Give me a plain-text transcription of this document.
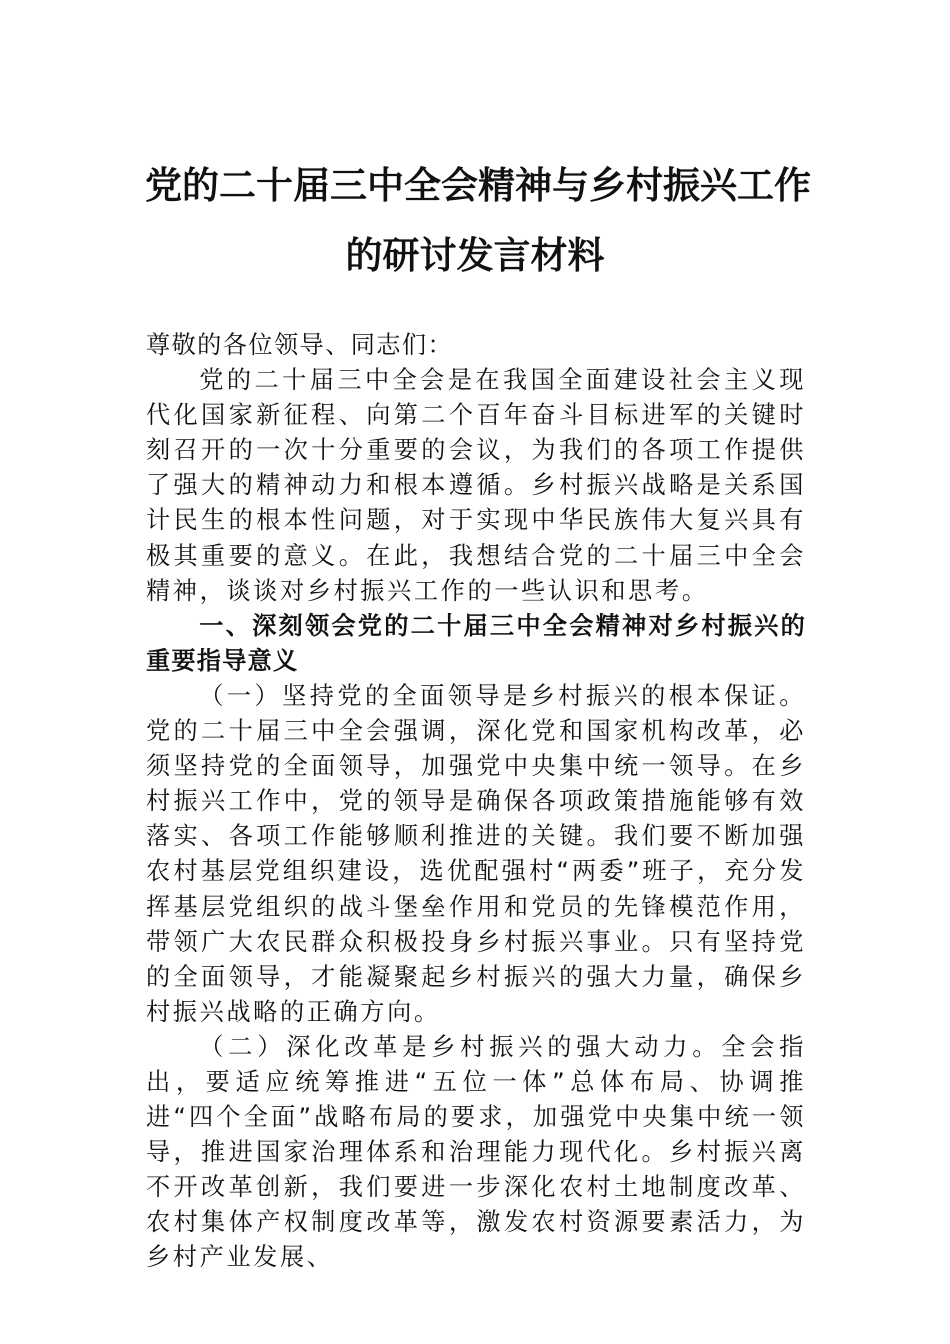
党的二十届三中全会精神与乡村振兴工作
的研讨发言材料

尊敬的各位领导、同志们：

党的二十届三中全会是在我国全面建设社会主义现代化国家新征程、向第二个百年奋斗目标进军的关键时刻召开的一次十分重要的会议，为我们的各项工作提供了强大的精神动力和根本遵循。乡村振兴战略是关系国计民生的根本性问题，对于实现中华民族伟大复兴具有极其重要的意义。在此，我想结合党的二十届三中全会精神，谈谈对乡村振兴工作的一些认识和思考。

一、深刻领会党的二十届三中全会精神对乡村振兴的重要指导意义

（一）坚持党的全面领导是乡村振兴的根本保证。党的二十届三中全会强调，深化党和国家机构改革，必须坚持党的全面领导，加强党中央集中统一领导。在乡村振兴工作中，党的领导是确保各项政策措施能够有效落实、各项工作能够顺利推进的关键。我们要不断加强农村基层党组织建设，选优配强村“两委”班子，充分发挥基层党组织的战斗堡垒作用和党员的先锋模范作用，带领广大农民群众积极投身乡村振兴事业。只有坚持党的全面领导，才能凝聚起乡村振兴的强大力量，确保乡村振兴战略的正确方向。

（二）深化改革是乡村振兴的强大动力。全会指出，要适应统筹推进“五位一体”总体布局、协调推进“四个全面”战略布局的要求，加强党中央集中统一领导，推进国家治理体系和治理能力现代化。乡村振兴离不开改革创新，我们要进一步深化农村土地制度改革、农村集体产权制度改革等，激发农村资源要素活力，为乡村产业发展、
